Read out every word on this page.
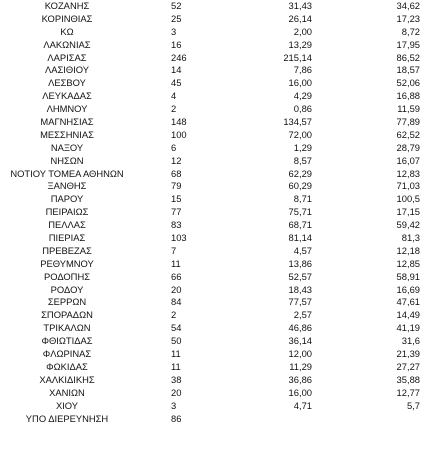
ΚΟΖΑΝΗΣ	52	31,43	34,62
ΚΟΡΙΝΘΙΑΣ	25	26,14	17,23
ΚΩ	3	2,00	8,72
ΛΑΚΩΝΙΑΣ	16	13,29	17,95
ΛΑΡΙΣΑΣ	246	215,14	86,52
ΛΑΣΙΘΙΟΥ	14	7,86	18,57
ΛΕΣΒΟΥ	45	16,00	52,06
ΛΕΥΚΑΔΑΣ	4	4,29	16,88
ΛΗΜΝΟΥ	2	0,86	11,59
ΜΑΓΝΗΣΙΑΣ	148	134,57	77,89
ΜΕΣΣΗΝΙΑΣ	100	72,00	62,52
ΝΑΞΟΥ	6	1,29	28,79
ΝΗΣΩΝ	12	8,57	16,07
ΝΟΤΙΟΥ ΤΟΜΕΑ ΑΘΗΝΩΝ	68	62,29	12,83
ΞΑΝΘΗΣ	79	60,29	71,03
ΠΑΡΟΥ	15	8,71	100,5
ΠΕΙΡΑΙΩΣ	77	75,71	17,15
ΠΕΛΛΑΣ	83	68,71	59,42
ΠΙΕΡΙΑΣ	103	81,14	81,3
ΠΡΕΒΕΖΑΣ	7	4,57	12,18
ΡΕΘΥΜΝΟΥ	11	13,86	12,85
ΡΟΔΟΠΗΣ	66	52,57	58,91
ΡΟΔΟΥ	20	18,43	16,69
ΣΕΡΡΩΝ	84	77,57	47,61
ΣΠΟΡΑΔΩΝ	2	2,57	14,49
ΤΡΙΚΑΛΩΝ	54	46,86	41,19
ΦΘΙΩΤΙΔΑΣ	50	36,14	31,6
ΦΛΩΡΙΝΑΣ	11	12,00	21,39
ΦΩΚΙΔΑΣ	11	11,29	27,27
ΧΑΛΚΙΔΙΚΗΣ	38	36,86	35,88
ΧΑΝΙΩΝ	20	16,00	12,77
ΧΙΟΥ	3	4,71	5,7
ΥΠΟ ΔΙΕΡΕΥΝΗΣΗ	86
